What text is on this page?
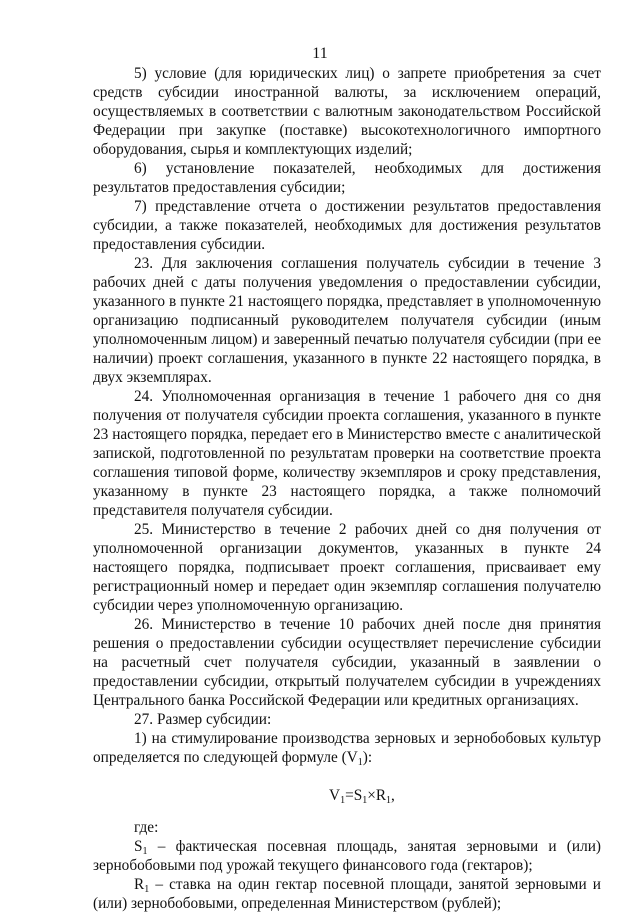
11

5) условие (для юридических лиц) о запрете приобретения за счет средств субсидии иностранной валюты, за исключением операций, осуществляемых в соответствии с валютным законодательством Российской Федерации при закупке (поставке) высокотехнологичного импортного оборудования, сырья и комплектующих изделий;

6) установление показателей, необходимых для достижения результатов предоставления субсидии;

7) представление отчета о достижении результатов предоставления субсидии, а также показателей, необходимых для достижения результатов предоставления субсидии.

23. Для заключения соглашения получатель субсидии в течение 3 рабочих дней с даты получения уведомления о предоставлении субсидии, указанного в пункте 21 настоящего порядка, представляет в уполномоченную организацию подписанный руководителем получателя субсидии (иным уполномоченным лицом) и заверенный печатью получателя субсидии (при ее наличии) проект соглашения, указанного в пункте 22 настоящего порядка, в двух экземплярах.

24. Уполномоченная организация в течение 1 рабочего дня со дня получения от получателя субсидии проекта соглашения, указанного в пункте 23 настоящего порядка, передает его в Министерство вместе с аналитической запиской, подготовленной по результатам проверки на соответствие проекта соглашения типовой форме, количеству экземпляров и сроку представления, указанному в пункте 23 настоящего порядка, а также полномочий представителя получателя субсидии.

25. Министерство в течение 2 рабочих дней со дня получения от уполномоченной организации документов, указанных в пункте 24 настоящего порядка, подписывает проект соглашения, присваивает ему регистрационный номер и передает один экземпляр соглашения получателю субсидии через уполномоченную организацию.

26. Министерство в течение 10 рабочих дней после дня принятия решения о предоставлении субсидии осуществляет перечисление субсидии на расчетный счет получателя субсидии, указанный в заявлении о предоставлении субсидии, открытый получателем субсидии в учреждениях Центрального банка Российской Федерации или кредитных организациях.

27. Размер субсидии:

1) на стимулирование производства зерновых и зернобобовых культур определяется по следующей формуле $(V_1)$:

$V_1=S_1\times R_1$,

где:

$S_1$ – фактическая посевная площадь, занятая зерновыми и (или) зернобобовыми под урожай текущего финансового года (гектаров);

$R_1$ – ставка на один гектар посевной площади, занятой зерновыми и (или) зернобобовыми, определенная Министерством (рублей);
